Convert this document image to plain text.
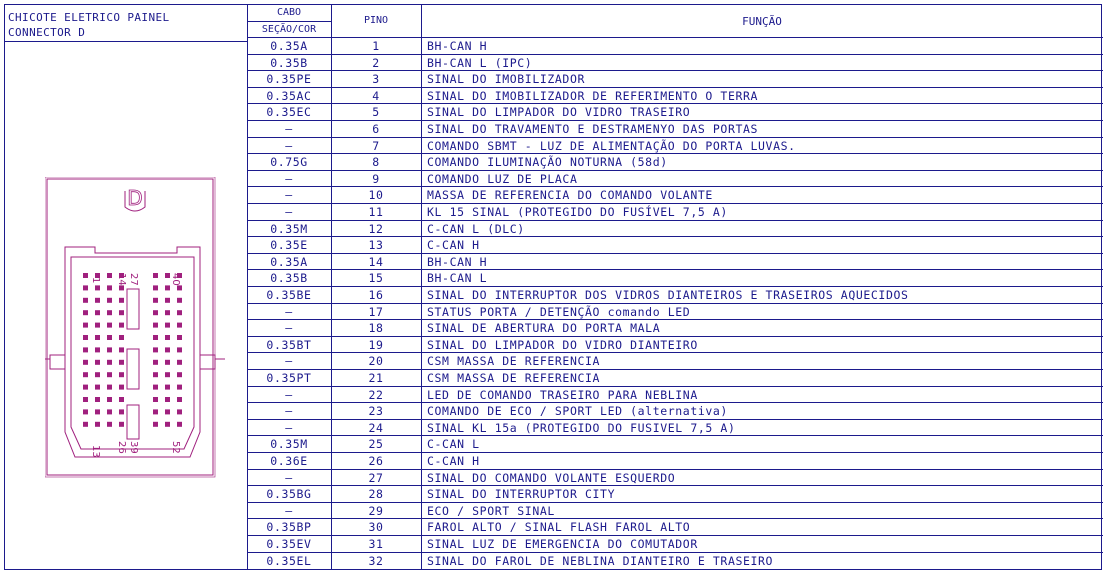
CHICOTE ELETRICO PAINEL
CONNECTOR D
CABO
SEÇÃO/COR
PINO	FUNÇÃO
0.35A	1	BH-CAN H
0.35B	2	BH-CAN L (IPC)
0.35PE	3	SINAL DO IMOBILIZADOR
0.35AC	4	SINAL DO IMOBILIZADOR DE REFERIMENTO O TERRA
0.35EC	5	SINAL DO LIMPADOR DO VIDRO TRASEIRO
—	6	SINAL DO TRAVAMENTO E DESTRAMENYO DAS PORTAS
—	7	COMANDO SBMT - LUZ DE ALIMENTAÇÃO DO PORTA LUVAS.
0.75G	8	COMANDO ILUMINAÇÃO NOTURNA (58d)
—	9	COMANDO LUZ DE PLACA
—	10	MASSA DE REFERENCIA DO COMANDO VOLANTE
—	11	KL 15 SINAL (PROTEGIDO DO FUSÍVEL 7,5 A)
0.35M	12	C-CAN L (DLC)
0.35E	13	C-CAN H
0.35A	14	BH-CAN H
0.35B	15	BH-CAN L
0.35BE	16	SINAL DO INTERRUPTOR DOS VIDROS DIANTEIROS E TRASEIROS AQUECIDOS
—	17	STATUS PORTA / DETENÇÃO comando LED
—	18	SINAL DE ABERTURA DO PORTA MALA
0.35BT	19	SINAL DO LIMPADOR DO VIDRO DIANTEIRO
—	20	CSM MASSA DE REFERENCIA
0.35PT	21	CSM MASSA DE REFERENCIA
—	22	LED DE COMANDO TRASEIRO PARA NEBLINA
—	23	COMANDO DE ECO / SPORT LED (alternativa)
—	24	SINAL KL 15a (PROTEGIDO DO FUSIVEL 7,5 A)
0.35M	25	C-CAN L
0.36E	26	C-CAN H
—	27	SINAL DO COMANDO VOLANTE ESQUERDO
0.35BG	28	SINAL DO INTERRUPTOR CITY
—	29	ECO / SPORT SINAL
0.35BP	30	FAROL ALTO / SINAL FLASH FAROL ALTO
0.35EV	31	SINAL LUZ DE EMERGENCIA DO COMUTADOR
0.35EL	32	SINAL DO FAROL DE NEBLINA DIANTEIRO E TRASEIRO
D
1 14 27	40
13 26 39	52
